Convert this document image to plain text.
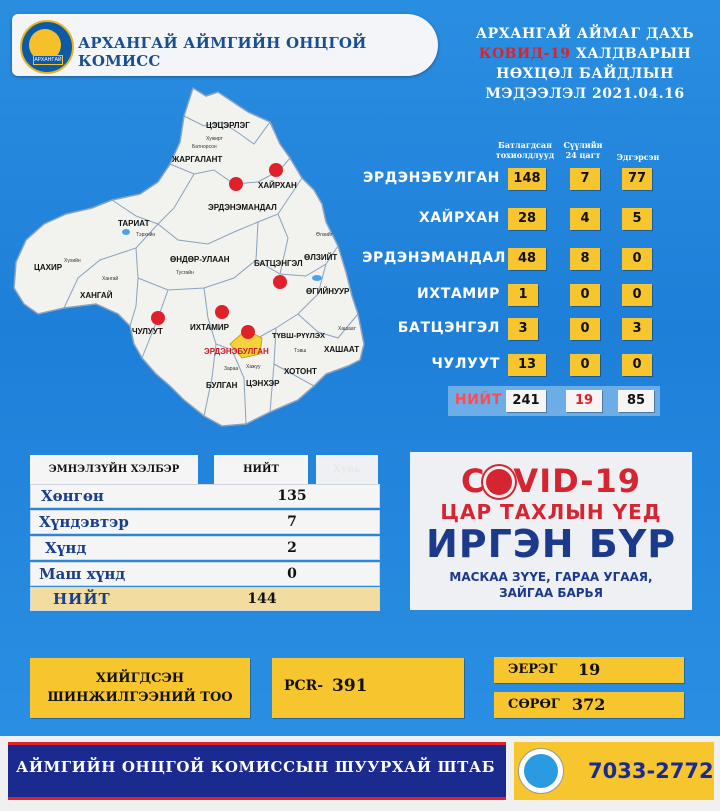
АРХАНГАЙ
АРХАНГАЙ АЙМГИЙН ОНЦГОЙ КОМИСС
АРХАНГАЙ АЙМАГ ДАХЬ
КОВИД-19 ХАЛДВАРЫН
НӨХЦӨЛ БАЙДЛЫН
МЭДЭЭЛЭЛ 2021.04.16
ЦЭЦЭРЛЭГ
ЖАРГАЛАНТ
ХАЙРХАН
ЭРДЭНЭМАНДАЛ
ТАРИАТ
ӨНДӨР-УЛААН
ЦАХИР
ХАНГАЙ
ӨЛЗИЙТ
БАТЦЭНГЭЛ
ӨГИЙНУУР
ЧУЛУУТ	ИХТАМИР
ЭРДЭНЭБУЛГАН
ТҮВШ-РҮҮЛЭХ
ХАШААТ
ХОТОНТ
БУЛГАН ЦЭНХЭР
Хужирт
Батнорсон
Тэрхийн
Хангай
Тусгайн
Хашаат
Зараа
Хүхийн
Өлзийт
Тэвш
Хажуу
Батлагдсан тохиолдлууд
Сүүлийн 24 цагт	Эдгэрсэн
ЭРДЭНЭБУЛГАН	148	7	77
ХАЙРХАН	28	4	5
ЭРДЭНЭМАНДАЛ 48	8	0
ИХТАМИР	1	0	0
БАТЦЭНГЭЛ	3	0	3
ЧУЛУУТ	13	0	0
НИЙТ 241	19	85
ЭМНЭЛЗҮЙН ХЭЛБЭР	НИЙТ	Хувь
Хөнгөн	135
Хүндэвтэр	7
Хүнд	2
Маш хүнд	0
НИЙТ	144
C VID-19
ЦАР ТАХЛЫН ҮЕД
ИРГЭН БҮР
МАСКАА ЗҮҮЕ, ГАРАА УГААЯ,
ЗАЙГАА БАРЬЯ
ХИЙГДСЭН
ШИНЖИЛГЭЭНИЙ ТОО
PCR- 391
ЭЕРЭГ 19
СӨРӨГ 372
АЙМГИЙН ОНЦГОЙ КОМИССЫН ШУУРХАЙ ШТАБ	7033-2772
